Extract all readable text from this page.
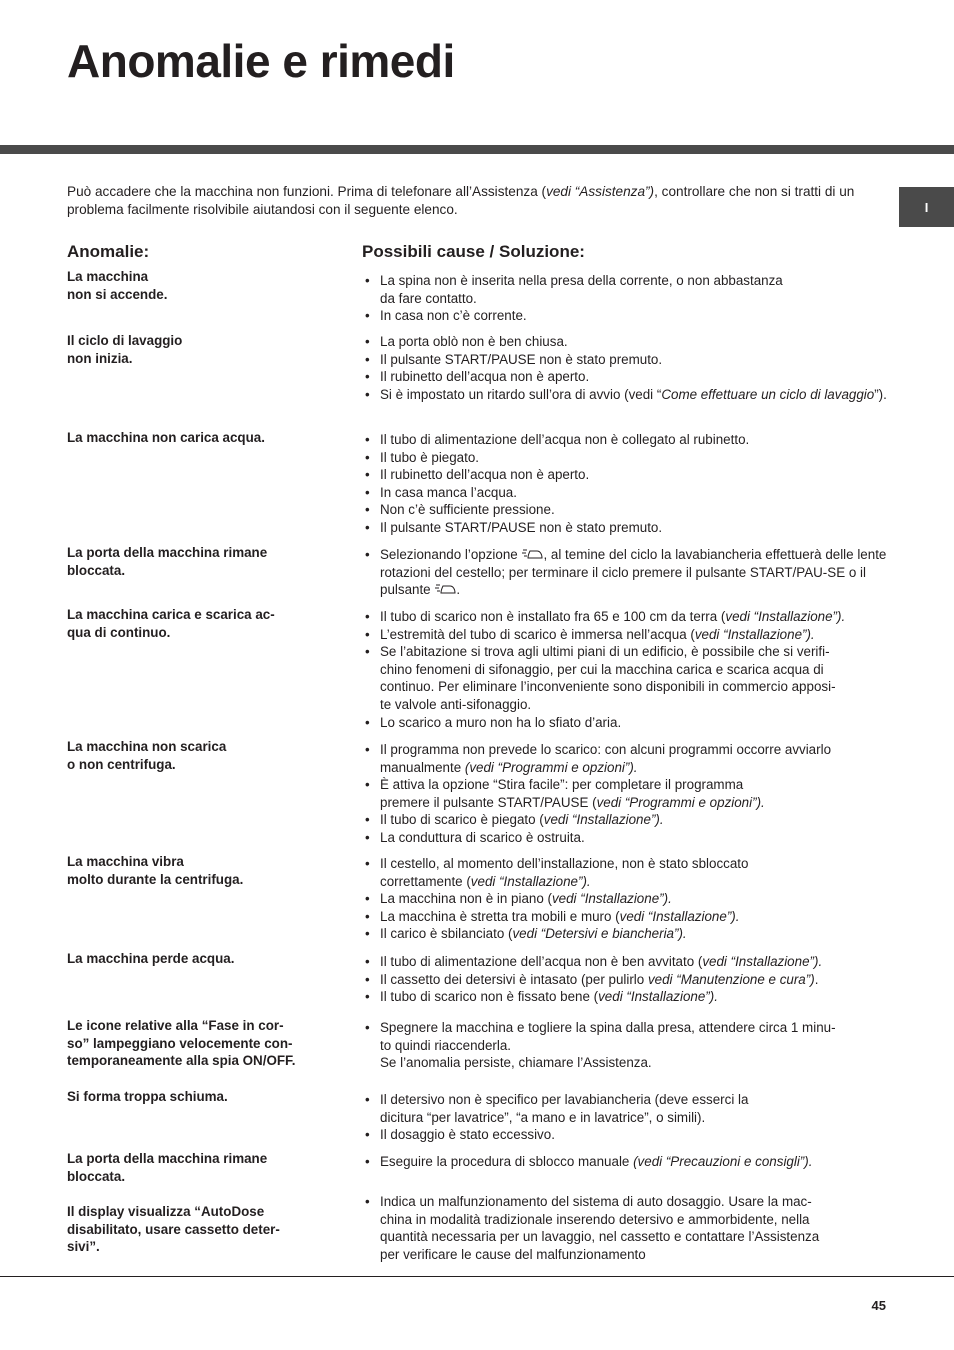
Anomalie e rimedi
I
Può accadere che la macchina non funzioni. Prima di telefonare all’Assistenza (vedi “Assistenza”), controllare che non si tratti di un problema facilmente risolvibile aiutandosi con il seguente elenco.
Anomalie:	Possibili cause / Soluzione:
La macchina
non si accende.
• La spina non è inserita nella presa della corrente, o non abbastanza
da fare contatto.
• In casa non c’è corrente.
Il ciclo di lavaggio
non inizia.
• La porta oblò non è ben chiusa.
• Il pulsante START/PAUSE non è stato premuto.
• Il rubinetto dell’acqua non è aperto.
• Si è impostato un ritardo sull’ora di avvio (vedi “Come effettuare un ciclo di lavaggio”).
La macchina non carica acqua.	• Il tubo di alimentazione dell’acqua non è collegato al rubinetto.
• Il tubo è piegato.
• Il rubinetto dell’acqua non è aperto.
• In casa manca l’acqua.
• Non c’è sufficiente pressione.
• Il pulsante START/PAUSE non è stato premuto.
La porta della macchina rimane
bloccata.
• Selezionando l’opzione , al temine del ciclo la lavabiancheria effettuerà delle lente rotazioni del cestello; per terminare il ciclo premere il pulsante START/PAU-SE o il pulsante .
La macchina carica e scarica ac-
qua di continuo.
• Il tubo di scarico non è installato fra 65 e 100 cm da terra (vedi “Installazione”).
• L’estremità del tubo di scarico è immersa nell’acqua (vedi “Installazione”).
• Se l’abitazione si trova agli ultimi piani di un edificio, è possibile che si verifi-
chino fenomeni di sifonaggio, per cui la macchina carica e scarica acqua di
continuo. Per eliminare l’inconveniente sono disponibili in commercio apposi-
te valvole anti-sifonaggio.
• Lo scarico a muro non ha lo sfiato d’aria.
La macchina non scarica
o non centrifuga.
• Il programma non prevede lo scarico: con alcuni programmi occorre avviarlo
manualmente (vedi “Programmi e opzioni”).
• È attiva la opzione “Stira facile”: per completare il programma
premere il pulsante START/PAUSE (vedi “Programmi e opzioni”).
• Il tubo di scarico è piegato (vedi “Installazione”).
• La conduttura di scarico è ostruita.
La macchina vibra
molto durante la centrifuga.
• Il cestello, al momento dell’installazione, non è stato sbloccato
correttamente (vedi “Installazione”).
• La macchina non è in piano (vedi “Installazione”).
• La macchina è stretta tra mobili e muro (vedi “Installazione”).
• Il carico è sbilanciato (vedi “Detersivi e biancheria”).
La macchina perde acqua.	• Il tubo di alimentazione dell’acqua non è ben avvitato (vedi “Installazione”).
• Il cassetto dei detersivi è intasato (per pulirlo vedi “Manutenzione e cura”).
• Il tubo di scarico non è fissato bene (vedi “Installazione”).
Le icone relative alla “Fase in cor-
so” lampeggiano velocemente con-
temporaneamente alla spia ON/OFF.
• Spegnere la macchina e togliere la spina dalla presa, attendere circa 1 minu-
to quindi riaccenderla.
Se l’anomalia persiste, chiamare l’Assistenza.
Si forma troppa schiuma.	• Il detersivo non è specifico per lavabiancheria (deve esserci la
dicitura “per lavatrice”, “a mano e in lavatrice”, o simili).
• Il dosaggio è stato eccessivo.
La porta della macchina rimane
bloccata.
• Eseguire la procedura di sblocco manuale (vedi “Precauzioni e consigli”).
Il display visualizza “AutoDose
disabilitato, usare cassetto deter-
sivi”.
• Indica un malfunzionamento del sistema di auto dosaggio. Usare la mac-
china in modalità tradizionale inserendo detersivo e ammorbidente, nella
quantità necessaria per un lavaggio, nel cassetto e contattare l’Assistenza
per verificare le cause del malfunzionamento
45
